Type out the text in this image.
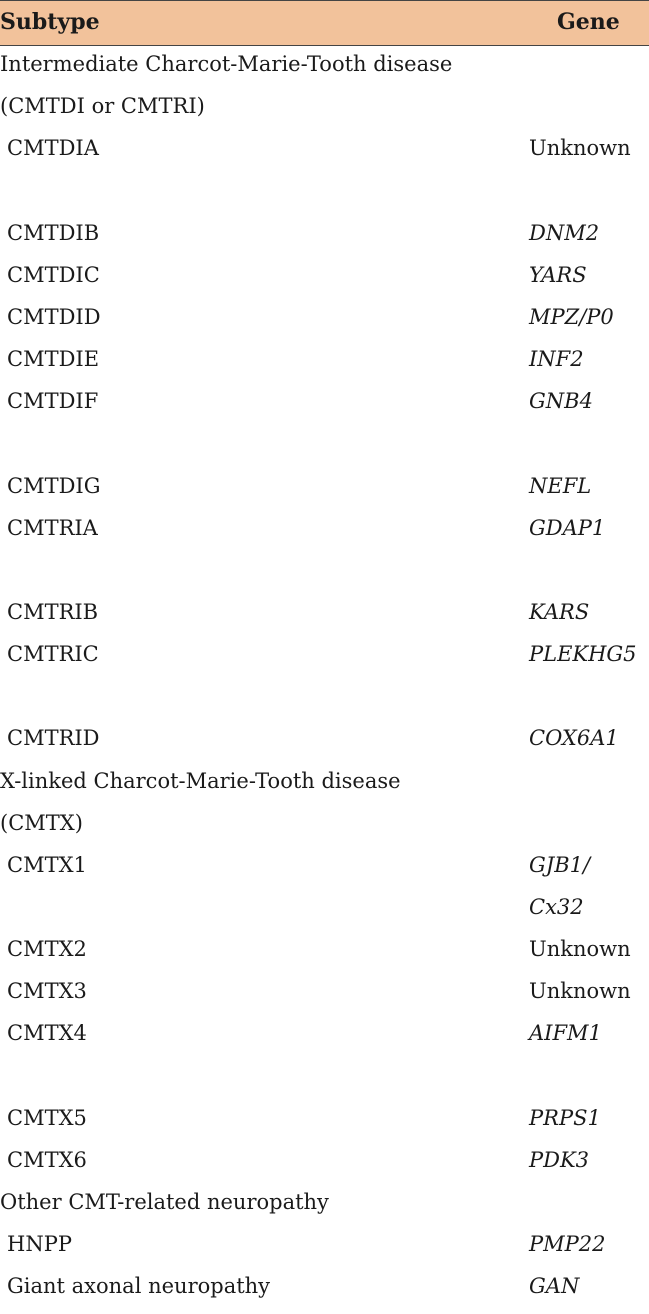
Subtype	Gene
Intermediate Charcot-Marie-Tooth disease
(CMTDI or CMTRI)
CMTDIA	Unknown
CMTDIB	DNM2
CMTDIC	YARS
CMTDID	MPZ/P0
CMTDIE	INF2
CMTDIF	GNB4
CMTDIG	NEFL
CMTRIA	GDAP1
CMTRIB	KARS
CMTRIC	PLEKHG5
CMTRID	COX6A1
X-linked Charcot-Marie-Tooth disease
(CMTX)
CMTX1	GJB1/
Cx32
CMTX2	Unknown
CMTX3	Unknown
CMTX4	AIFM1
CMTX5	PRPS1
CMTX6	PDK3
Other CMT-related neuropathy
HNPP	PMP22
Giant axonal neuropathy	GAN
